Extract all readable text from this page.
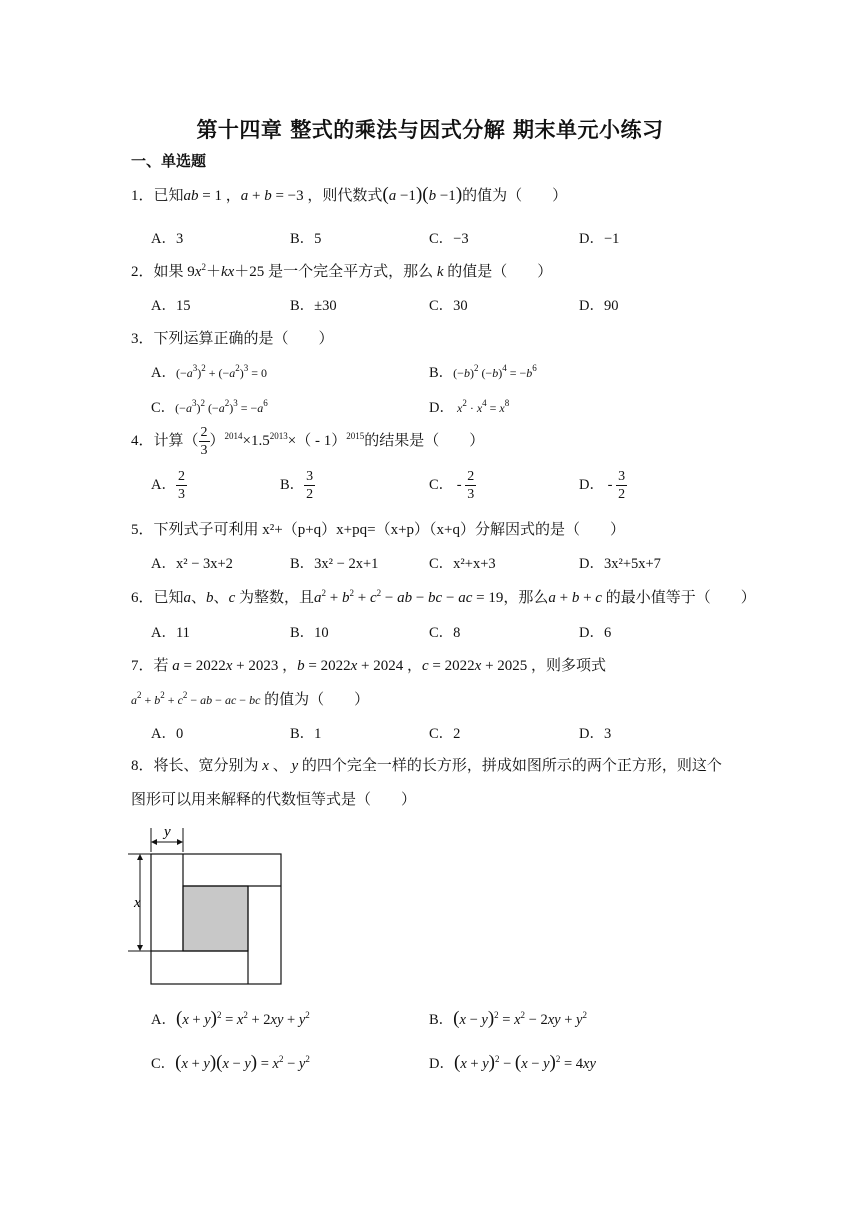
第十四章 整式的乘法与因式分解 期末单元小练习
一、单选题
1．已知ab = 1 ，a + b = −3 ，则代数式(a −1)(b −1)的值为（　　）
A．3	B．5	C．−3	D．−1
2．如果 $9x^2+kx+25$ 是一个完全平方式，那么 k 的值是（　　）
A．15	B．±30	C．30	D．90
3．下列运算正确的是（　　）
A．$(-a^3)^2 + (-a^2)^3 = 0$	B．$(-b)^2$ $(-b)^4 = -b^6$
C．$(-a^3)^2$ $(-a^2)^3 = -a^6$	D． $x^2 \cdot x^4 = x^8$
4．计算（ $\frac{2}{3} )^{2014}\times 1.5^{2013}\times( - 1)^{2015}$的结果是（　　）
A． $\frac{2}{3}$	B． $\frac{3}{2}$	C． - $\frac{2}{3}$	D． - $\frac{3}{2}$
5．下列式子可利用 x²+（p+q）x+pq=（x+p）（x+q）分解因式的是（　　）
A．x² − 3x+2	B．3x² − 2x+1	C．x²+x+3	D．3x²+5x+7
6．已知a、b、c 为整数，且$a^2 + b^2 + c^2$ − ab − bc − ac = 19，那么a + b + c 的最小值等于（　　）
A．11	B．10	C．8	D．6
7．若 a = 2022x + 2023 ，b = 2022x + 2024 ，c = 2022x + 2025 ，则多项式
$a^2 + b^2 + c^2$ − ab − ac − bc 的值为（　　）
A．0	B．1	C．2	D．3
8．将长、宽分别为 x 、 y 的四个完全一样的长方形，拼成如图所示的两个正方形，则这个
图形可以用来解释的代数恒等式是（　　）
y
x
A．$(x + y)^2 = x^2 + 2xy + y^2$	B．$(x - y)^2 = x^2 - 2xy + y^2$
C．$(x + y)(x - y) = x^2 - y^2$	D．$(x + y)^2 - (x - y)^2 = 4xy$
